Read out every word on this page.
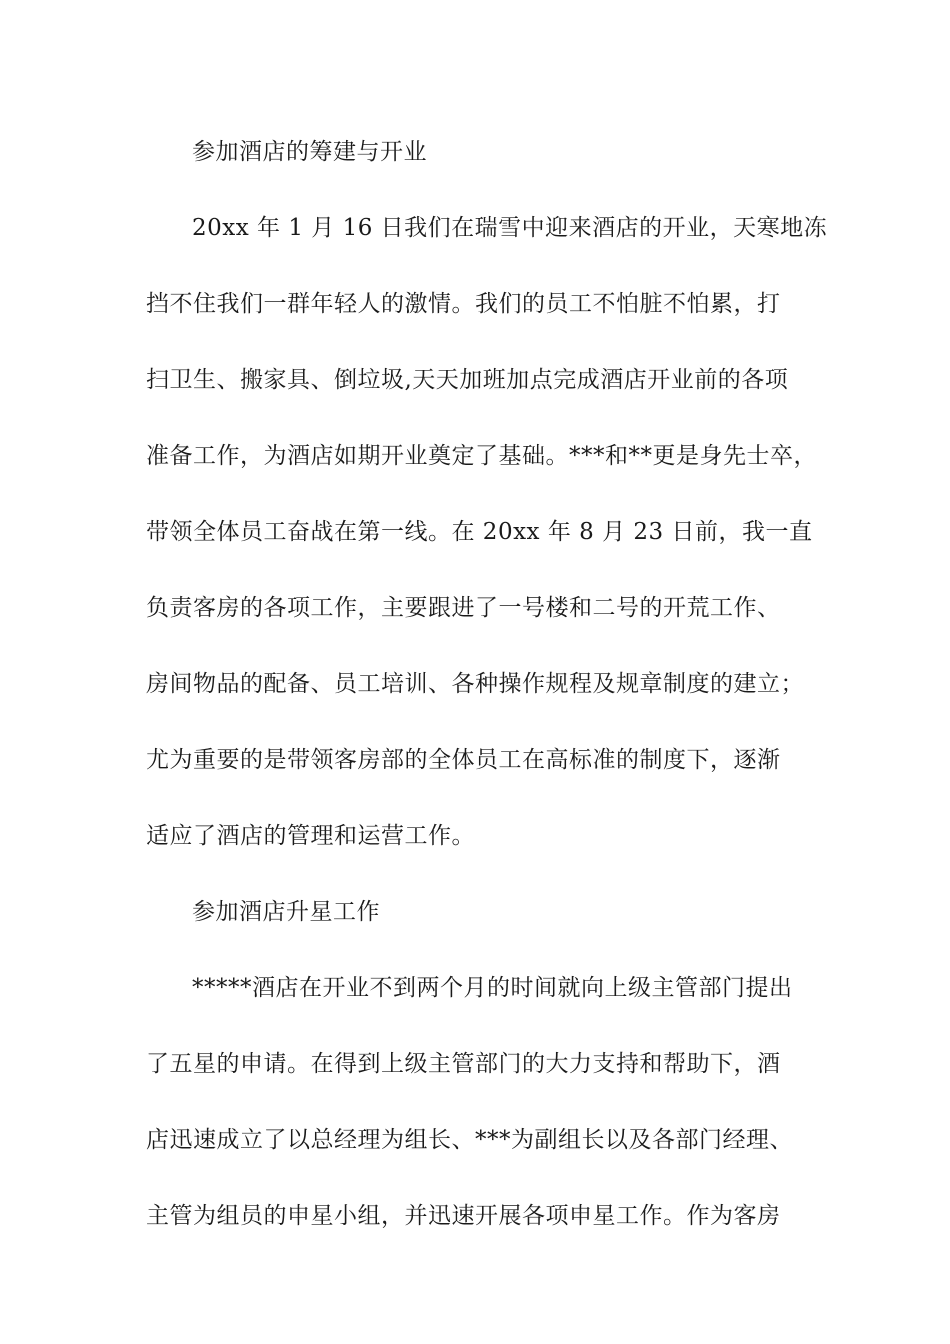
参加酒店的筹建与开业
20xx 年 1 月 16 日我们在瑞雪中迎来酒店的开业，天寒地冻
挡不住我们一群年轻人的激情。我们的员工不怕脏不怕累，打
扫卫生、搬家具、倒垃圾,天天加班加点完成酒店开业前的各项
准备工作，为酒店如期开业奠定了基础。***和**更是身先士卒，
带领全体员工奋战在第一线。在 20xx 年 8 月 23 日前，我一直
负责客房的各项工作，主要跟进了一号楼和二号的开荒工作、
房间物品的配备、员工培训、各种操作规程及规章制度的建立；
尤为重要的是带领客房部的全体员工在高标准的制度下，逐渐
适应了酒店的管理和运营工作。
参加酒店升星工作
*****酒店在开业不到两个月的时间就向上级主管部门提出
了五星的申请。在得到上级主管部门的大力支持和帮助下，酒
店迅速成立了以总经理为组长、***为副组长以及各部门经理、
主管为组员的申星小组，并迅速开展各项申星工作。作为客房
